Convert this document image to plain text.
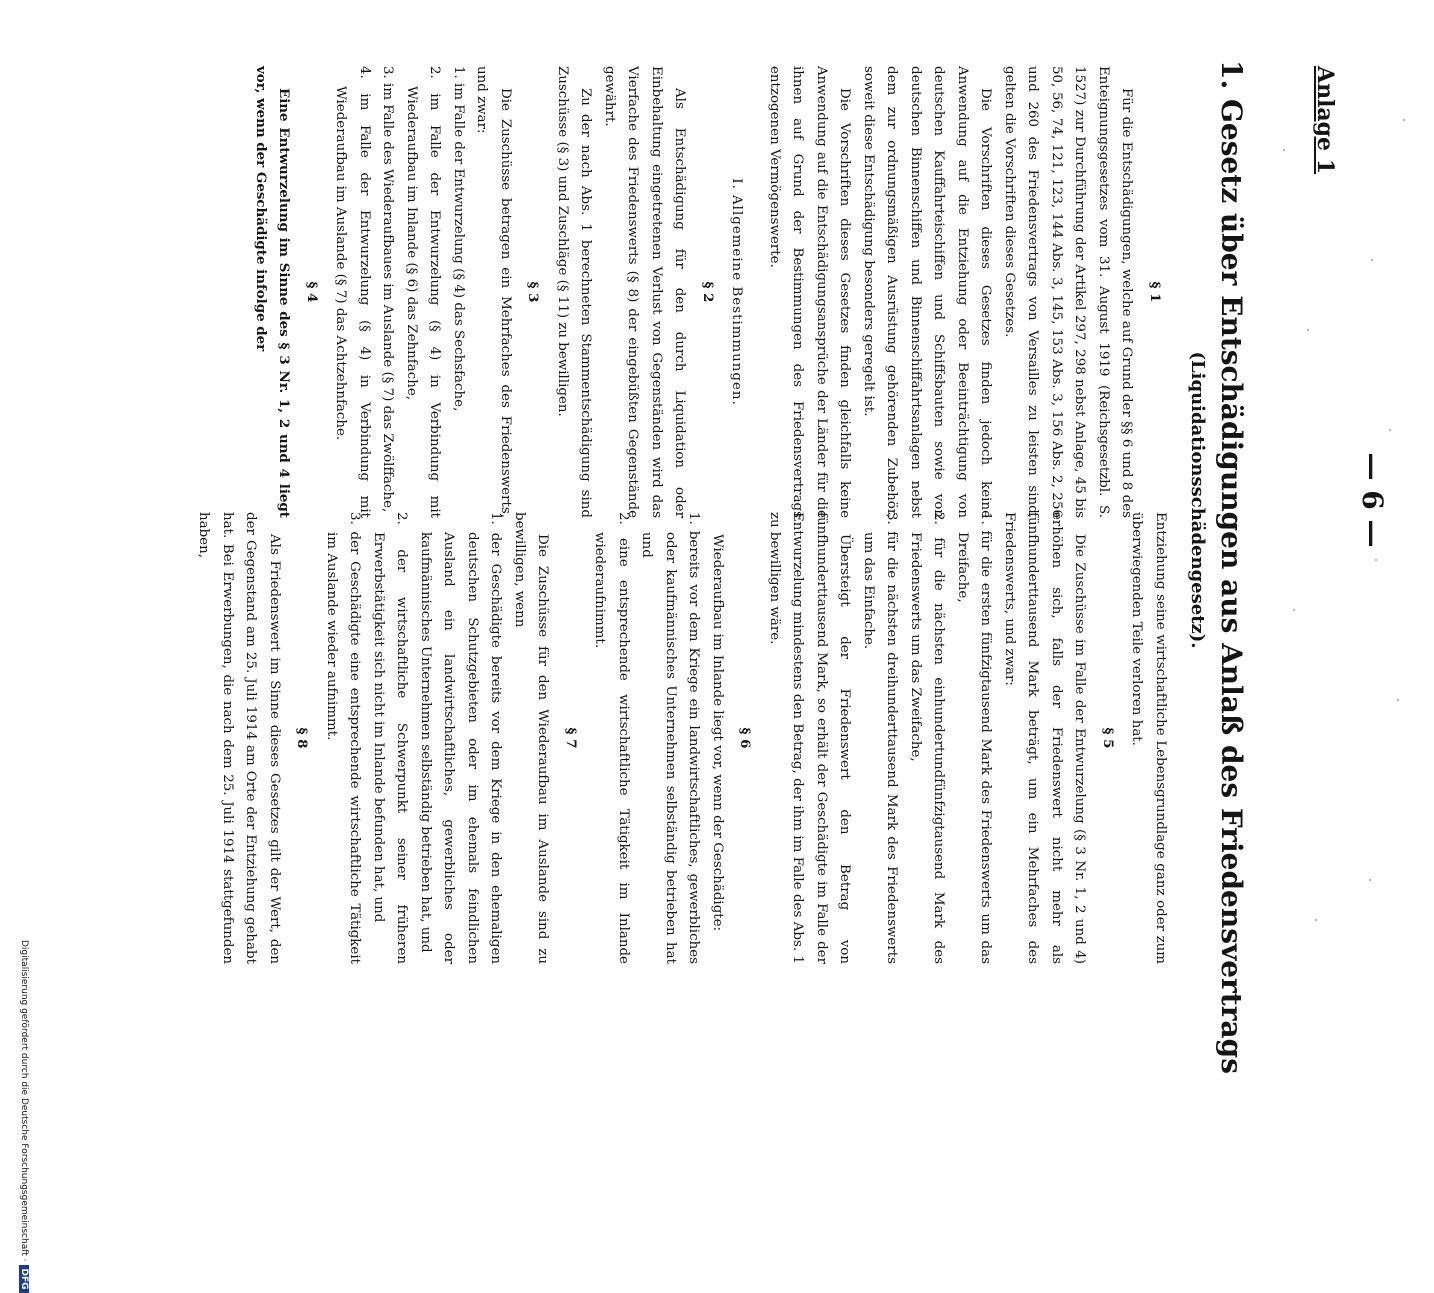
— 6 —
Anlage 1
1. Gesetz über Entschädigungen aus Anlaß des Friedensvertrags
(Liquidationsschädengesetz).
§ 1

Für die Entschädigungen, welche auf Grund der §§ 6 und 8 des Enteignungsgesetzes vom 31. August 1919 (Reichsgesetzbl. S. 1527) zur Durchführung der Artikel 297, 298 nebst Anlage, 45 bis 50, 56, 74, 121, 123, 144 Abs. 3, 145, 153 Abs. 3, 156 Abs. 2, 256 und 260 des Friedensvertrags von Versailles zu leisten sind, gelten die Vorschriften dieses Gesetzes.

Die Vorschriften dieses Gesetzes finden jedoch keine Anwendung auf die Entziehung oder Beeinträchtigung von deutschen Kauffahrteischiffen und Schiffsbauten sowie von deutschen Binnenschiffen und Binnenschiffahrtsanlagen nebst dem zur ordnungsmäßigen Ausrüstung gehörenden Zubehör, soweit diese Entschädigung besonders geregelt ist.

Die Vorschriften dieses Gesetzes finden gleichfalls keine Anwendung auf die Entschädigungsansprüche der Länder für die ihnen auf Grund der Bestimmungen des Friedensvertrags entzogenen Vermögenswerte.

I. Allgemeine Bestimmungen.
§ 2

Als Entschädigung für den durch Liquidation oder Einbehaltung eingetretenen Verlust von Gegenständen wird das Vierfache des Friedenswerts (§ 8) der eingebüßten Gegenstände gewährt.

Zu der nach Abs. 1 berechneten Stammentschädigung sind Zuschüsse (§ 3) und Zuschläge (§ 11) zu bewilligen.

§ 3

Die Zuschüsse betragen ein Mehrfaches des Friedenswerts, und zwar:

1. im Falle der Entwurzelung (§ 4) das Sechsfache,
2. im Falle der Entwurzelung (§ 4) in Verbindung mit Wiederaufbau im Inlande (§ 6) das Zehnfache,
3. im Falle des Wiederaufbaues im Auslande (§ 7) das Zwölffache,
4. im Falle der Entwurzelung (§ 4) in Verbindung mit Wiederaufbau im Auslande (§ 7) das Achtzehnfache.
§ 4

Eine Entwurzelung im Sinne des § 3 Nr. 1, 2 und 4 liegt vor, wenn der Geschädigte infolge der

Entziehung seine wirtschaftliche Lebensgrundlage ganz oder zum überwiegenden Teile verloren hat.
§ 5

Die Zuschüsse im Falle der Entwurzelung (§ 3 Nr. 1, 2 und 4) erhöhen sich, falls der Friedenswert nicht mehr als fünfhunderttausend Mark beträgt, um ein Mehrfaches des Friedenswerts, und zwar:

1. für die ersten fünfzigtausend Mark des Friedenswerts um das Dreifache,
2. für die nächsten einhundertundfünfzigtausend Mark des Friedenswerts um das Zweifache,
3. für die nächsten dreihunderttausend Mark des Friedenswerts um das Einfache.

Übersteigt der Friedenswert den Betrag von fünfhunderttausend Mark, so erhält der Geschädigte im Falle der Entwurzelung mindestens den Betrag, der ihm im Falle des Abs. 1 zu bewilligen wäre.

§ 6

Wiederaufbau im Inlande liegt vor, wenn der Geschädigte:

1. bereits vor dem Kriege ein landwirtschaftliches, gewerbliches oder kaufmännisches Unternehmen selbständig betrieben hat und
2. eine entsprechende wirtschaftliche Tätigkeit im Inlande wiederaufnimmt.
§ 7

Die Zuschüsse für den Wiederaufbau im Auslande sind zu bewilligen, wenn

1. der Geschädigte bereits vor dem Kriege in den ehemaligen deutschen Schutzgebieten oder im ehemals feindlichen Ausland ein landwirtschaftliches, gewerbliches oder kaufmännisches Unternehmen selbständig betrieben hat, und
2. der wirtschaftliche Schwerpunkt seiner früheren Erwerbstätigkeit sich nicht im Inlande befunden hat, und
3. der Geschädigte eine entsprechende wirtschaftliche Tätigkeit im Auslande wieder aufnimmt.
§ 8

Als Friedenswert im Sinne dieses Gesetzes gilt der Wert, den der Gegenstand am 25. Juli 1914 am Orte der Entziehung gehabt hat. Bei Erwerbungen, die nach dem 25. Juli 1914 stattgefunden haben,

Digitalisierung gefördert durch die Deutsche Forschungsgemeinschaft ·DFG
